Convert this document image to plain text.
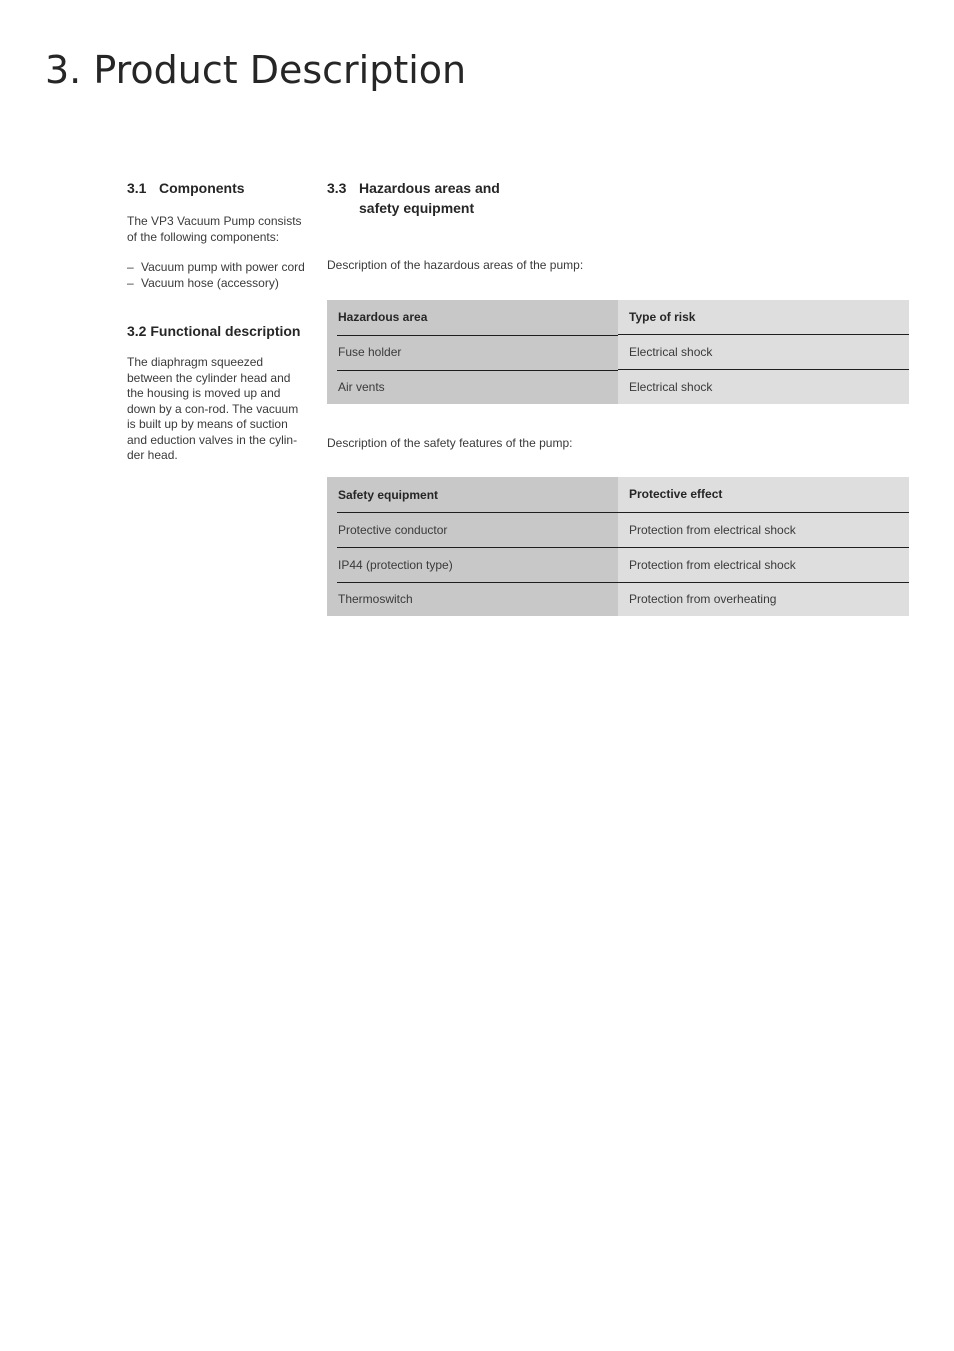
3. Product Description
3.1 Components

The VP3 Vacuum Pump consists of the following components:

– Vacuum pump with power cord
– Vacuum hose (accessory)
3.2 Functional description

The diaphragm squeezed between the cylinder head and the housing is moved up and down by a con-rod. The vacuum is built up by means of suction and eduction valves in the cylin-der head.

3.3 Hazardous areas and
safety equipment

Description of the hazardous areas of the pump:

Hazardous area	Type of risk
Fuse holder	Electrical shock
Air vents	Electrical shock

Description of the safety features of the pump:

Safety equipment	Protective effect
Protective conductor	Protection from electrical shock
IP44 (protection type)	Protection from electrical shock
Thermoswitch	Protection from overheating
